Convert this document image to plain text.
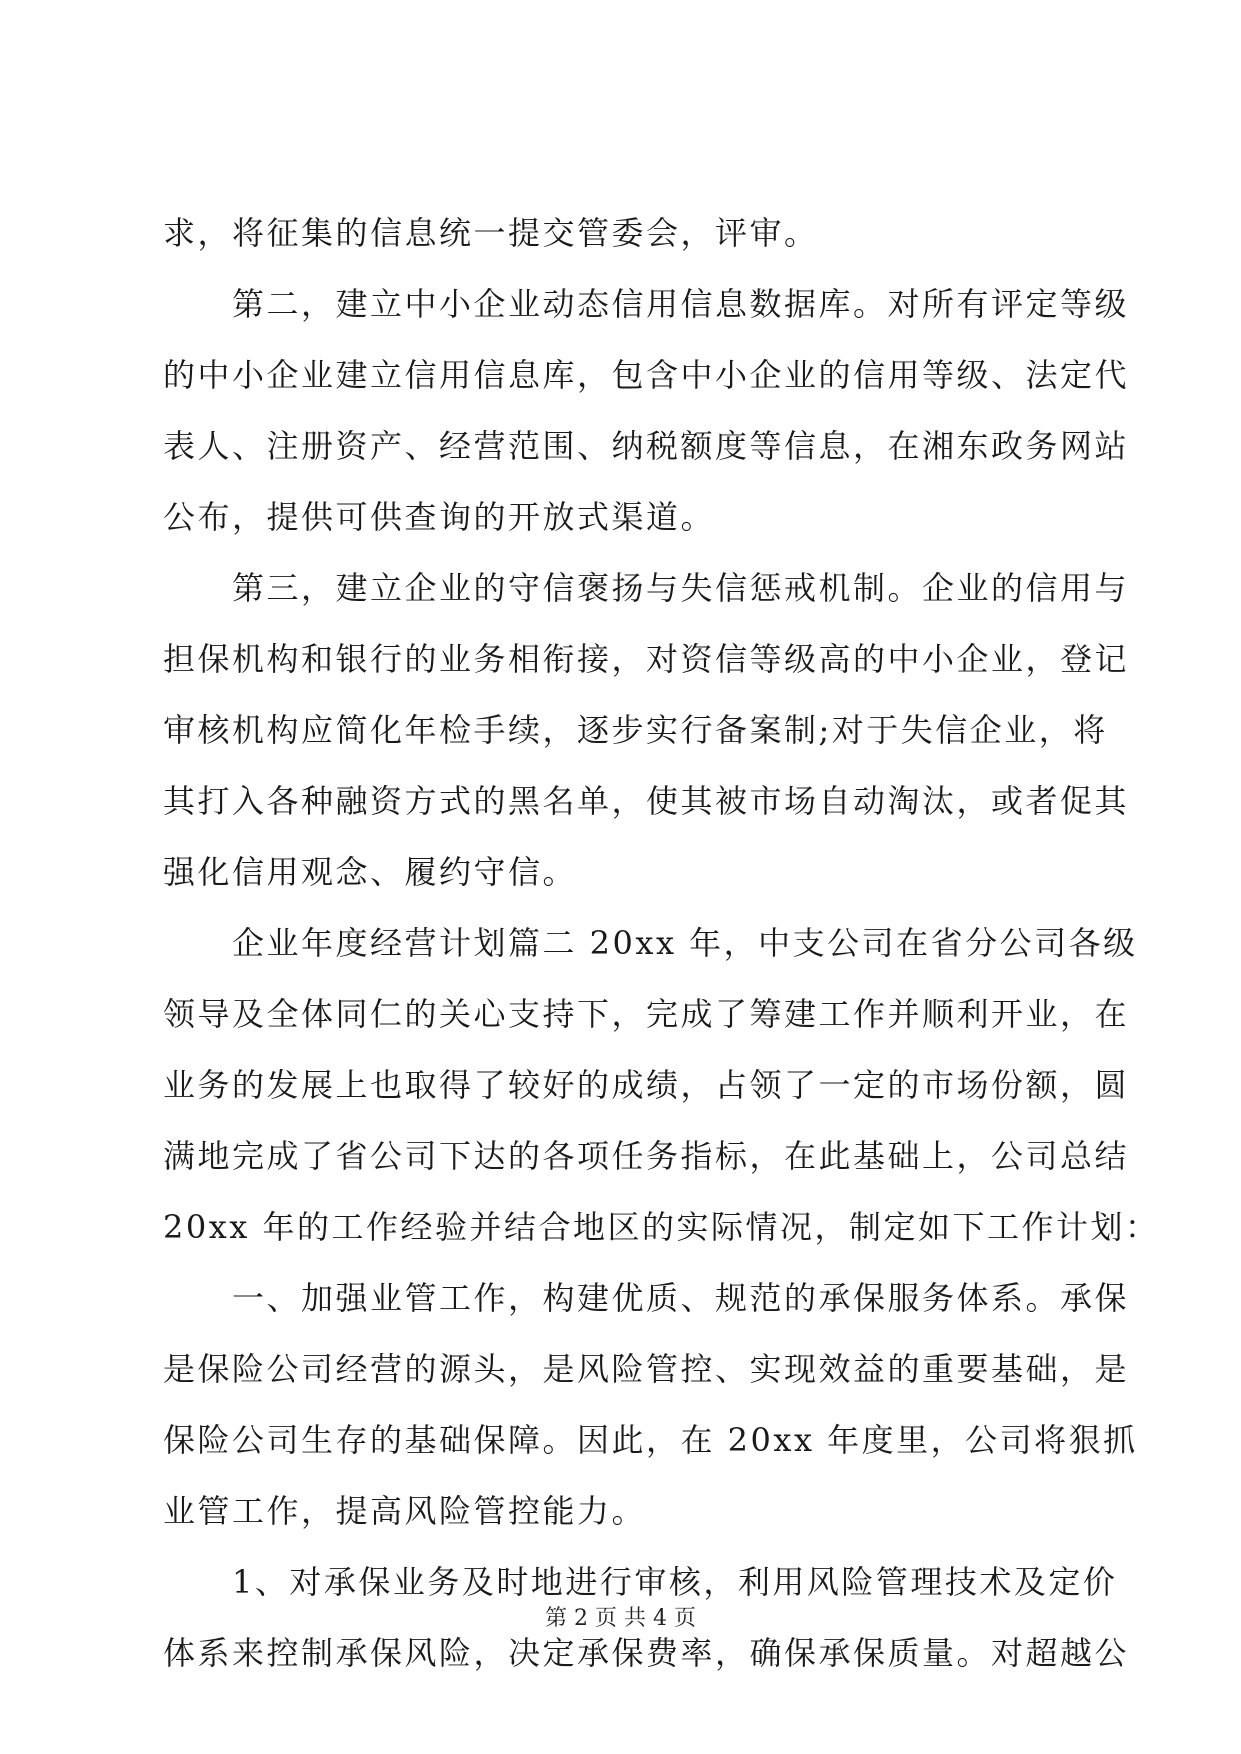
求，将征集的信息统一提交管委会，评审。
　　第二，建立中小企业动态信用信息数据库。对所有评定等级
的中小企业建立信用信息库，包含中小企业的信用等级、法定代
表人、注册资产、经营范围、纳税额度等信息，在湘东政务网站
公布，提供可供查询的开放式渠道。
　　第三，建立企业的守信褒扬与失信惩戒机制。企业的信用与
担保机构和银行的业务相衔接，对资信等级高的中小企业，登记
审核机构应简化年检手续，逐步实行备案制;对于失信企业，将
其打入各种融资方式的黑名单，使其被市场自动淘汰，或者促其
强化信用观念、履约守信。
　　企业年度经营计划篇二 20xx 年，中支公司在省分公司各级
领导及全体同仁的关心支持下，完成了筹建工作并顺利开业，在
业务的发展上也取得了较好的成绩，占领了一定的市场份额，圆
满地完成了省公司下达的各项任务指标，在此基础上，公司总结
20xx 年的工作经验并结合地区的实际情况，制定如下工作计划：
　　一、加强业管工作，构建优质、规范的承保服务体系。承保
是保险公司经营的源头，是风险管控、实现效益的重要基础，是
保险公司生存的基础保障。因此，在 20xx 年度里，公司将狠抓
业管工作，提高风险管控能力。
　　1、对承保业务及时地进行审核，利用风险管理技术及定价
体系来控制承保风险，决定承保费率，确保承保质量。对超越公
第 2 页 共 4 页
